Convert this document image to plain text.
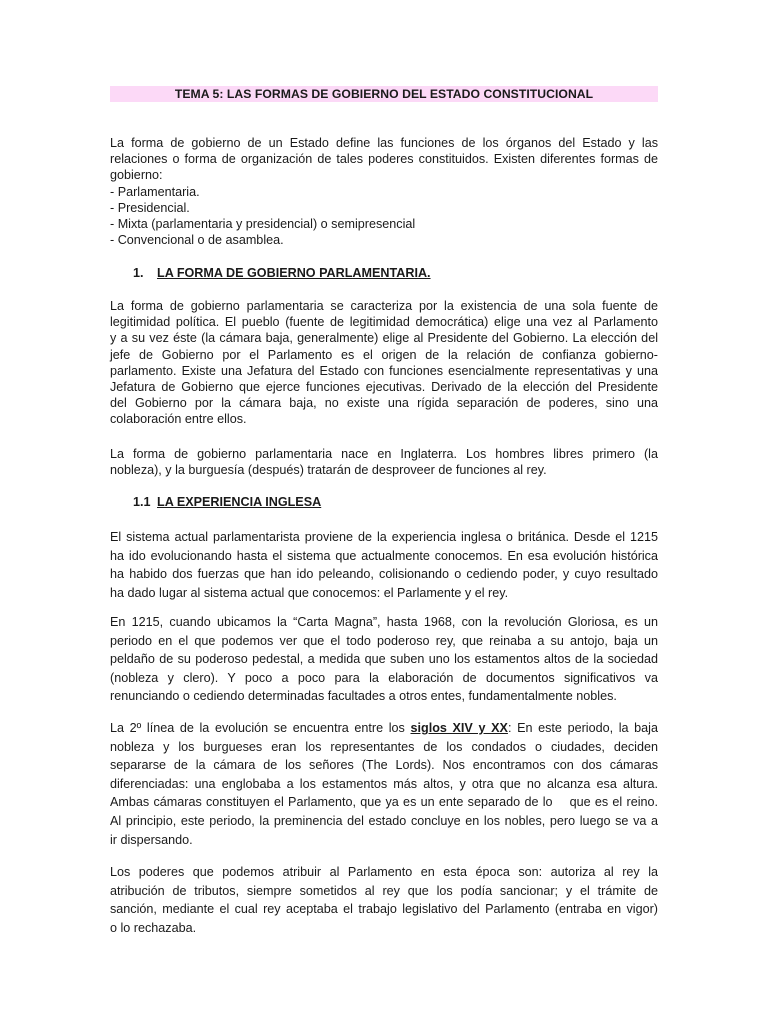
TEMA 5: LAS FORMAS DE GOBIERNO DEL ESTADO CONSTITUCIONAL
La forma de gobierno de un Estado define las funciones de los órganos del Estado y las
relaciones o forma de organización de tales poderes constituidos. Existen diferentes formas de
gobierno:
- Parlamentaria.
- Presidencial.
- Mixta (parlamentaria y presidencial) o semipresencial
- Convencional o de asamblea.
1. LA FORMA DE GOBIERNO PARLAMENTARIA.
La forma de gobierno parlamentaria se caracteriza por la existencia de una sola fuente de
legitimidad política. El pueblo (fuente de legitimidad democrática) elige una vez al Parlamento
y a su vez éste (la cámara baja, generalmente) elige al Presidente del Gobierno. La elección del
jefe de Gobierno por el Parlamento es el origen de la relación de confianza gobierno-
parlamento. Existe una Jefatura del Estado con funciones esencialmente representativas y una
Jefatura de Gobierno que ejerce funciones ejecutivas. Derivado de la elección del Presidente
del Gobierno por la cámara baja, no existe una rígida separación de poderes, sino una
colaboración entre ellos.
La forma de gobierno parlamentaria nace en Inglaterra. Los hombres libres primero (la
nobleza), y la burguesía (después) tratarán de desproveer de funciones al rey.
1.1 LA EXPERIENCIA INGLESA
El sistema actual parlamentarista proviene de la experiencia inglesa o británica. Desde el 1215
ha ido evolucionando hasta el sistema que actualmente conocemos. En esa evolución histórica
ha habido dos fuerzas que han ido peleando, colisionando o cediendo poder, y cuyo resultado
ha dado lugar al sistema actual que conocemos: el Parlamente y el rey.
En 1215, cuando ubicamos la “Carta Magna”, hasta 1968, con la revolución Gloriosa, es un
periodo en el que podemos ver que el todo poderoso rey, que reinaba a su antojo, baja un
peldaño de su poderoso pedestal, a medida que suben uno los estamentos altos de la sociedad
(nobleza y clero). Y poco a poco para la elaboración de documentos significativos va
renunciando o cediendo determinadas facultades a otros entes, fundamentalmente nobles.
La 2º línea de la evolución se encuentra entre los siglos XIV y XX: En este periodo, la baja
nobleza y los burgueses eran los representantes de los condados o ciudades, deciden
separarse de la cámara de los señores (The Lords). Nos encontramos con dos cámaras
diferenciadas: una englobaba a los estamentos más altos, y otra que no alcanza esa altura.
Ambas cámaras constituyen el Parlamento, que ya es un ente separado de lo    que es el reino.
Al principio, este periodo, la preminencia del estado concluye en los nobles, pero luego se va a
ir dispersando.
Los poderes que podemos atribuir al Parlamento en esta época son: autoriza al rey la
atribución de tributos, siempre sometidos al rey que los podía sancionar; y el trámite de
sanción, mediante el cual rey aceptaba el trabajo legislativo del Parlamento (entraba en vigor)
o lo rechazaba.
